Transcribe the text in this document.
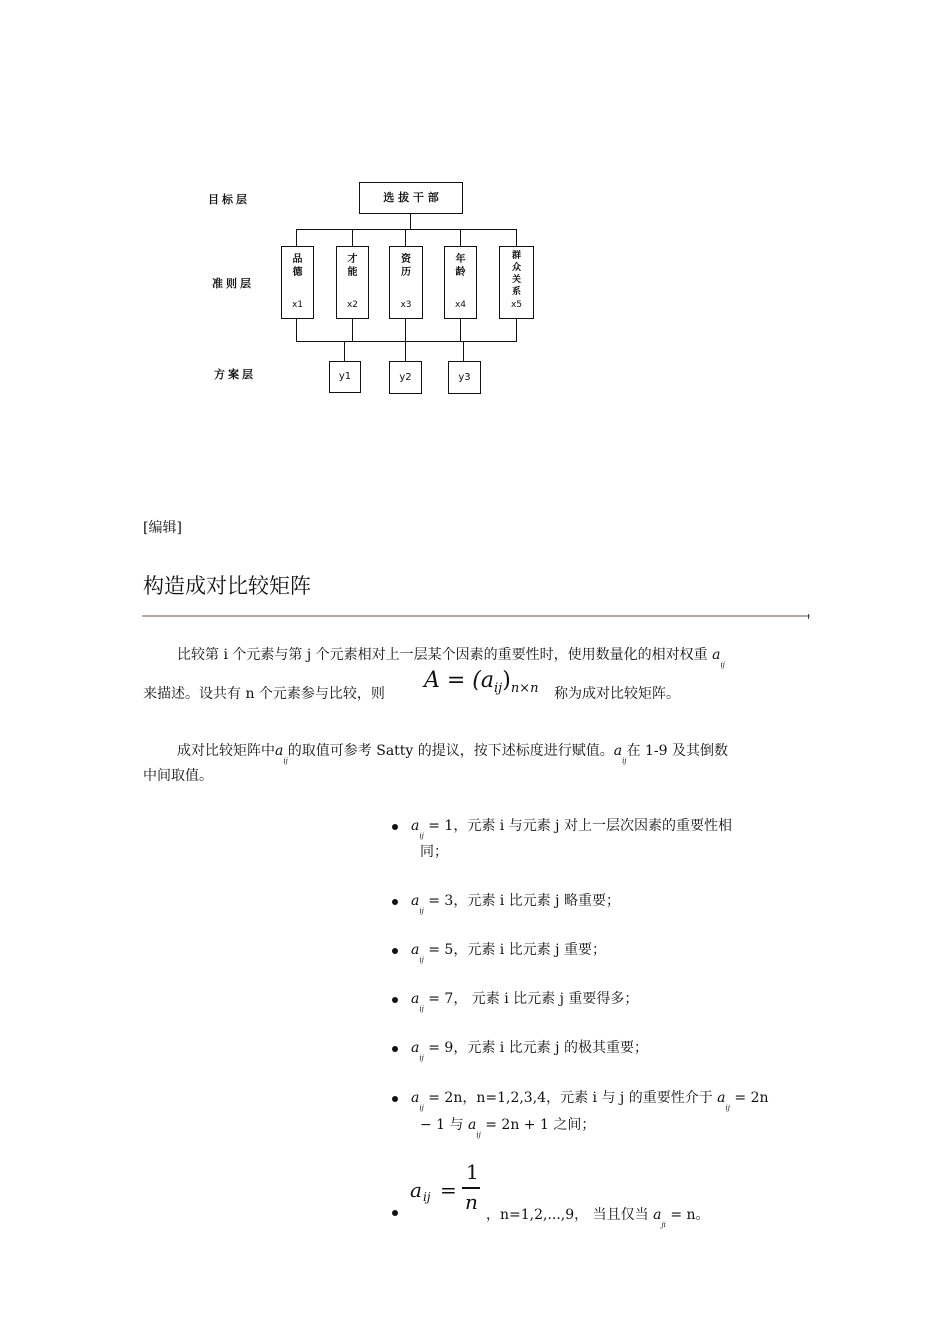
目标层
准则层
方案层
选 拔 干 部
品
德
x1
才
能
x2
资
历
x3
年
龄
x4
群
众
关
系
x5
y1	y2	y3
[编辑]
构造成对比较矩阵
比较第 i 个元素与第 j 个元素相对上一层某个因素的重要性时，使用数量化的相对权重 $a_{ij}$
来描述。设共有 n 个元素参与比较，则
$A = (a_{ij})_{n\times n}$ 称为成对比较矩阵。
成对比较矩阵中$a_{ij}$的取值可参考 Satty 的提议，按下述标度进行赋值。$a_{ij}$在 1-9 及其倒数
中间取值。
$a_{ij} = 1$，元素 i 与元素 j 对上一层次因素的重要性相
同；
$a_{ij} = 3$，元素 i 比元素 j 略重要；
$a_{ij} = 5$，元素 i 比元素 j 重要；
$a_{ij} = 7$， 元素 i 比元素 j 重要得多；
$a_{ij} = 9$，元素 i 比元素 j 的极其重要；
$a_{ij} = 2n$，n=1,2,3,4，元素 i 与 j 的重要性介于 $a_{ij} = 2n$
− 1 与 $a_{ij} = 2n + 1$ 之间；
a ij =
1
n
，n=1,2,...,9， 当且仅当 $a_{ji} = n$。
